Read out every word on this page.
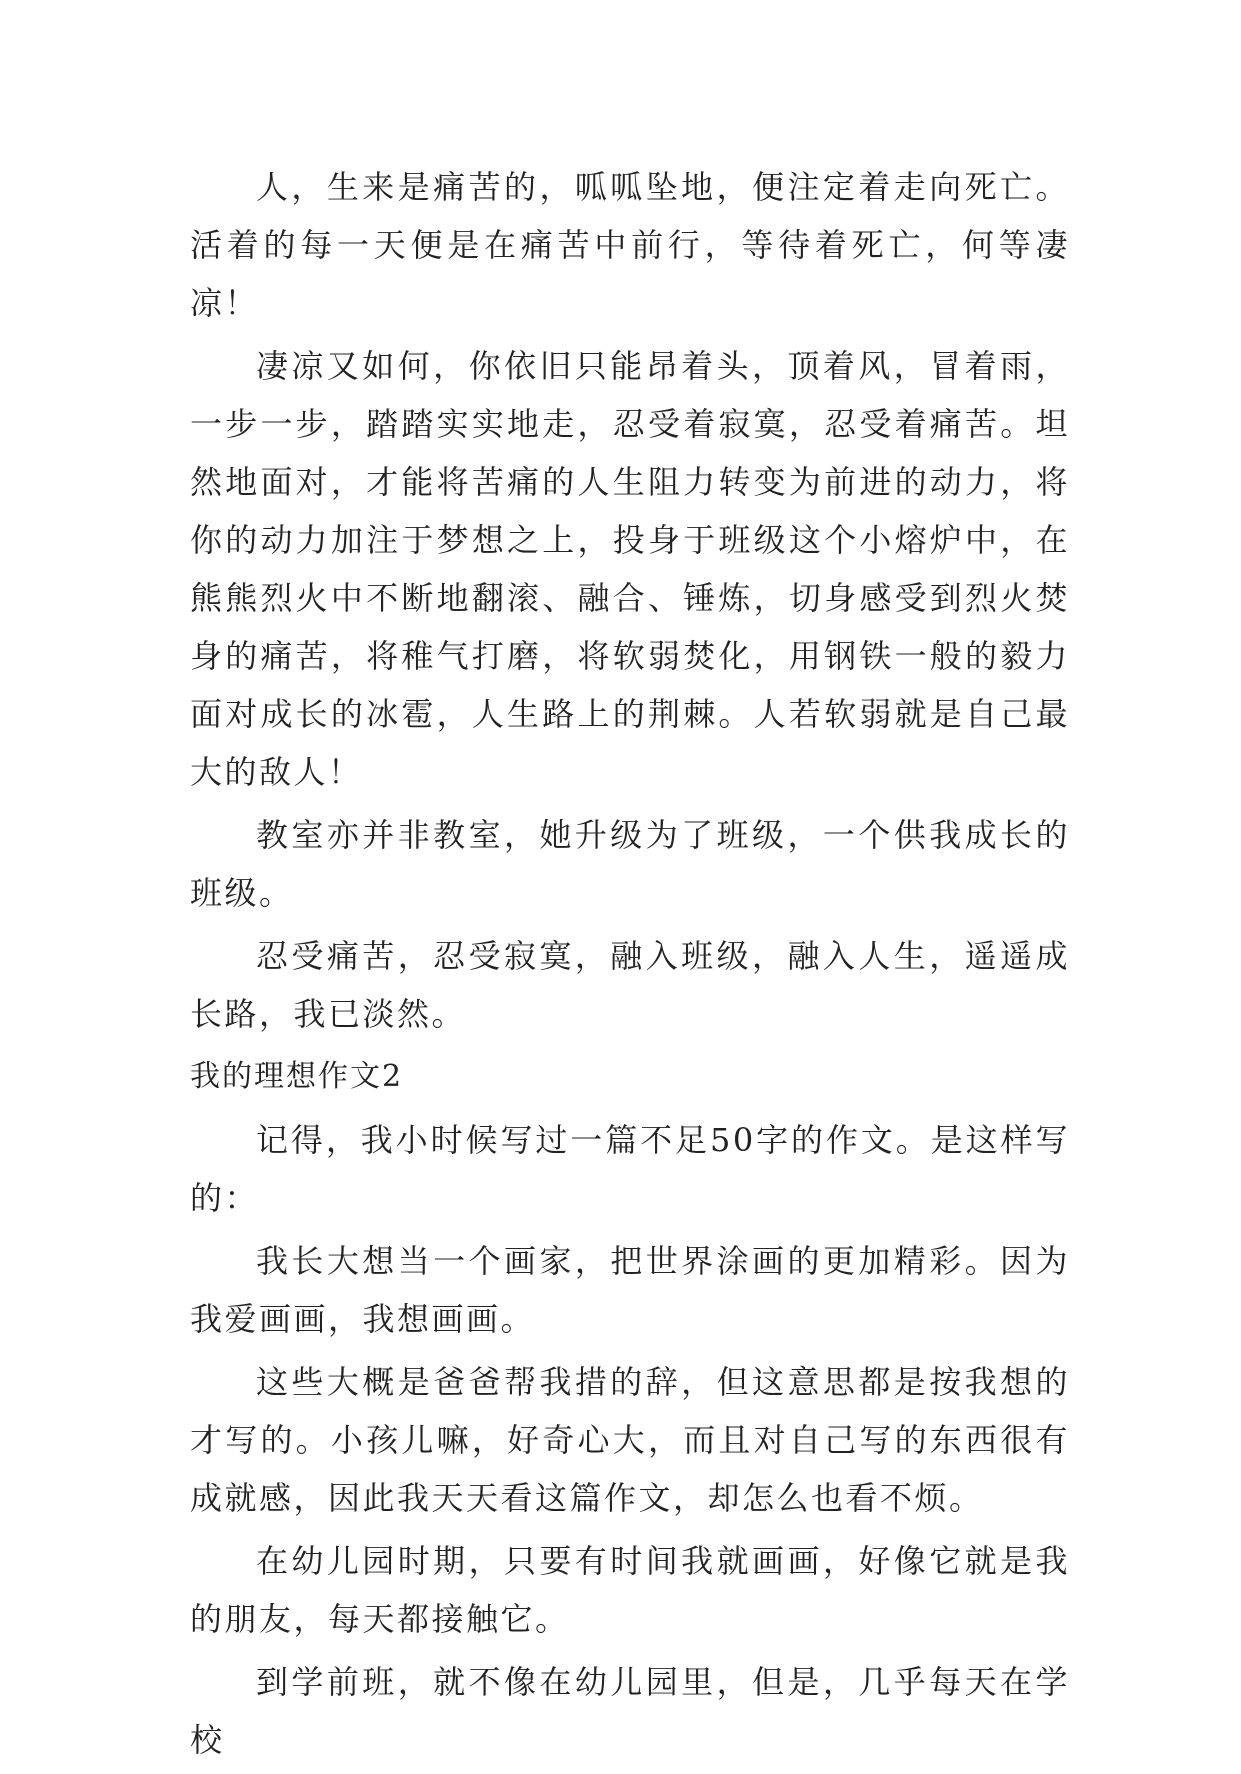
人，生来是痛苦的，呱呱坠地，便注定着走向死亡。活着的每一天便是在痛苦中前行，等待着死亡，何等凄凉！

凄凉又如何，你依旧只能昂着头，顶着风，冒着雨，一步一步，踏踏实实地走，忍受着寂寞，忍受着痛苦。坦然地面对，才能将苦痛的人生阻力转变为前进的动力，将你的动力加注于梦想之上，投身于班级这个小熔炉中，在熊熊烈火中不断地翻滚、融合、锤炼，切身感受到烈火焚身的痛苦，将稚气打磨，将软弱焚化，用钢铁一般的毅力面对成长的冰雹，人生路上的荆棘。人若软弱就是自己最大的敌人！

教室亦并非教室，她升级为了班级，一个供我成长的班级。

忍受痛苦，忍受寂寞，融入班级，融入人生，遥遥成长路，我已淡然。

我的理想作文2

记得，我小时候写过一篇不足50字的作文。是这样写的：

我长大想当一个画家，把世界涂画的更加精彩。因为我爱画画，我想画画。

这些大概是爸爸帮我措的辞，但这意思都是按我想的才写的。小孩儿嘛，好奇心大，而且对自己写的东西很有成就感，因此我天天看这篇作文，却怎么也看不烦。

在幼儿园时期，只要有时间我就画画，好像它就是我的朋友，每天都接触它。

到学前班，就不像在幼儿园里，但是，几乎每天在学校
